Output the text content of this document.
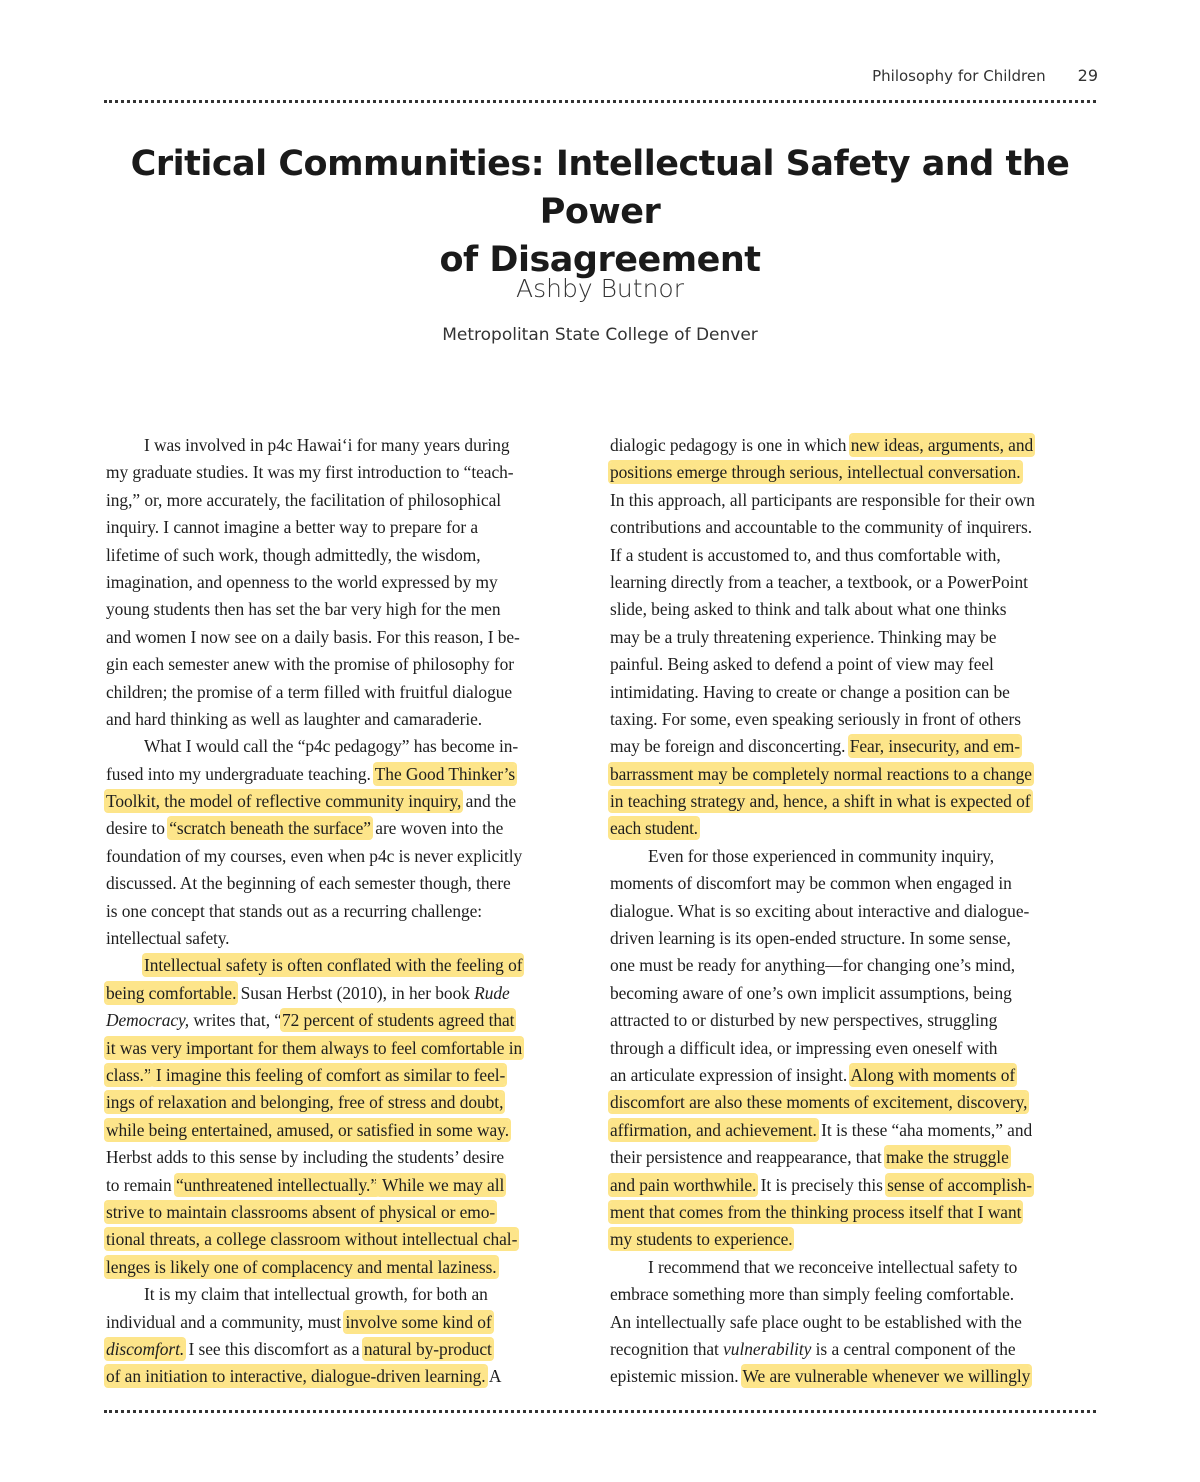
Philosophy for Children 29
Critical Communities: Intellectual Safety and the Power
of Disagreement
Ashby Butnor
Metropolitan State College of Denver
I was involved in p4c Hawai‘i for many years during
my graduate studies. It was my first introduction to “teach-
ing,” or, more accurately, the facilitation of philosophical
inquiry. I cannot imagine a better way to prepare for a
lifetime of such work, though admittedly, the wisdom,
imagination, and openness to the world expressed by my
young students then has set the bar very high for the men
and women I now see on a daily basis. For this reason, I be-
gin each semester anew with the promise of philosophy for
children; the promise of a term filled with fruitful dialogue
and hard thinking as well as laughter and camaraderie.
What I would call the “p4c pedagogy” has become in-
fused into my undergraduate teaching. The Good Thinker’s
Toolkit, the model of reflective community inquiry, and the
desire to “scratch beneath the surface” are woven into the
foundation of my courses, even when p4c is never explicitly
discussed. At the beginning of each semester though, there
is one concept that stands out as a recurring challenge:
intellectual safety.
Intellectual safety is often conflated with the feeling of
being comfortable. Susan Herbst (2010), in her book Rude
Democracy, writes that, “72 percent of students agreed that
it was very important for them always to feel comfortable in
class.” I imagine this feeling of comfort as similar to feel-
ings of relaxation and belonging, free of stress and doubt,
while being entertained, amused, or satisfied in some way.
Herbst adds to this sense by including the students’ desire
to remain “unthreatened intellectually.” While we may all
strive to maintain classrooms absent of physical or emo-
tional threats, a college classroom without intellectual chal-
lenges is likely one of complacency and mental laziness.
It is my claim that intellectual growth, for both an
individual and a community, must involve some kind of
discomfort. I see this discomfort as a natural by-product
of an initiation to interactive, dialogue-driven learning. A
dialogic pedagogy is one in which new ideas, arguments, and
positions emerge through serious, intellectual conversation.
In this approach, all participants are responsible for their own
contributions and accountable to the community of inquirers.
If a student is accustomed to, and thus comfortable with,
learning directly from a teacher, a textbook, or a PowerPoint
slide, being asked to think and talk about what one thinks
may be a truly threatening experience. Thinking may be
painful. Being asked to defend a point of view may feel
intimidating. Having to create or change a position can be
taxing. For some, even speaking seriously in front of others
may be foreign and disconcerting. Fear, insecurity, and em-
barrassment may be completely normal reactions to a change
in teaching strategy and, hence, a shift in what is expected of
each student.
Even for those experienced in community inquiry,
moments of discomfort may be common when engaged in
dialogue. What is so exciting about interactive and dialogue-
driven learning is its open-ended structure. In some sense,
one must be ready for anything—for changing one’s mind,
becoming aware of one’s own implicit assumptions, being
attracted to or disturbed by new perspectives, struggling
through a difficult idea, or impressing even oneself with
an articulate expression of insight. Along with moments of
discomfort are also these moments of excitement, discovery,
affirmation, and achievement. It is these “aha moments,” and
their persistence and reappearance, that make the struggle
and pain worthwhile. It is precisely this sense of accomplish-
ment that comes from the thinking process itself that I want
my students to experience.
I recommend that we reconceive intellectual safety to
embrace something more than simply feeling comfortable.
An intellectually safe place ought to be established with the
recognition that vulnerability is a central component of the
epistemic mission. We are vulnerable whenever we willingly
